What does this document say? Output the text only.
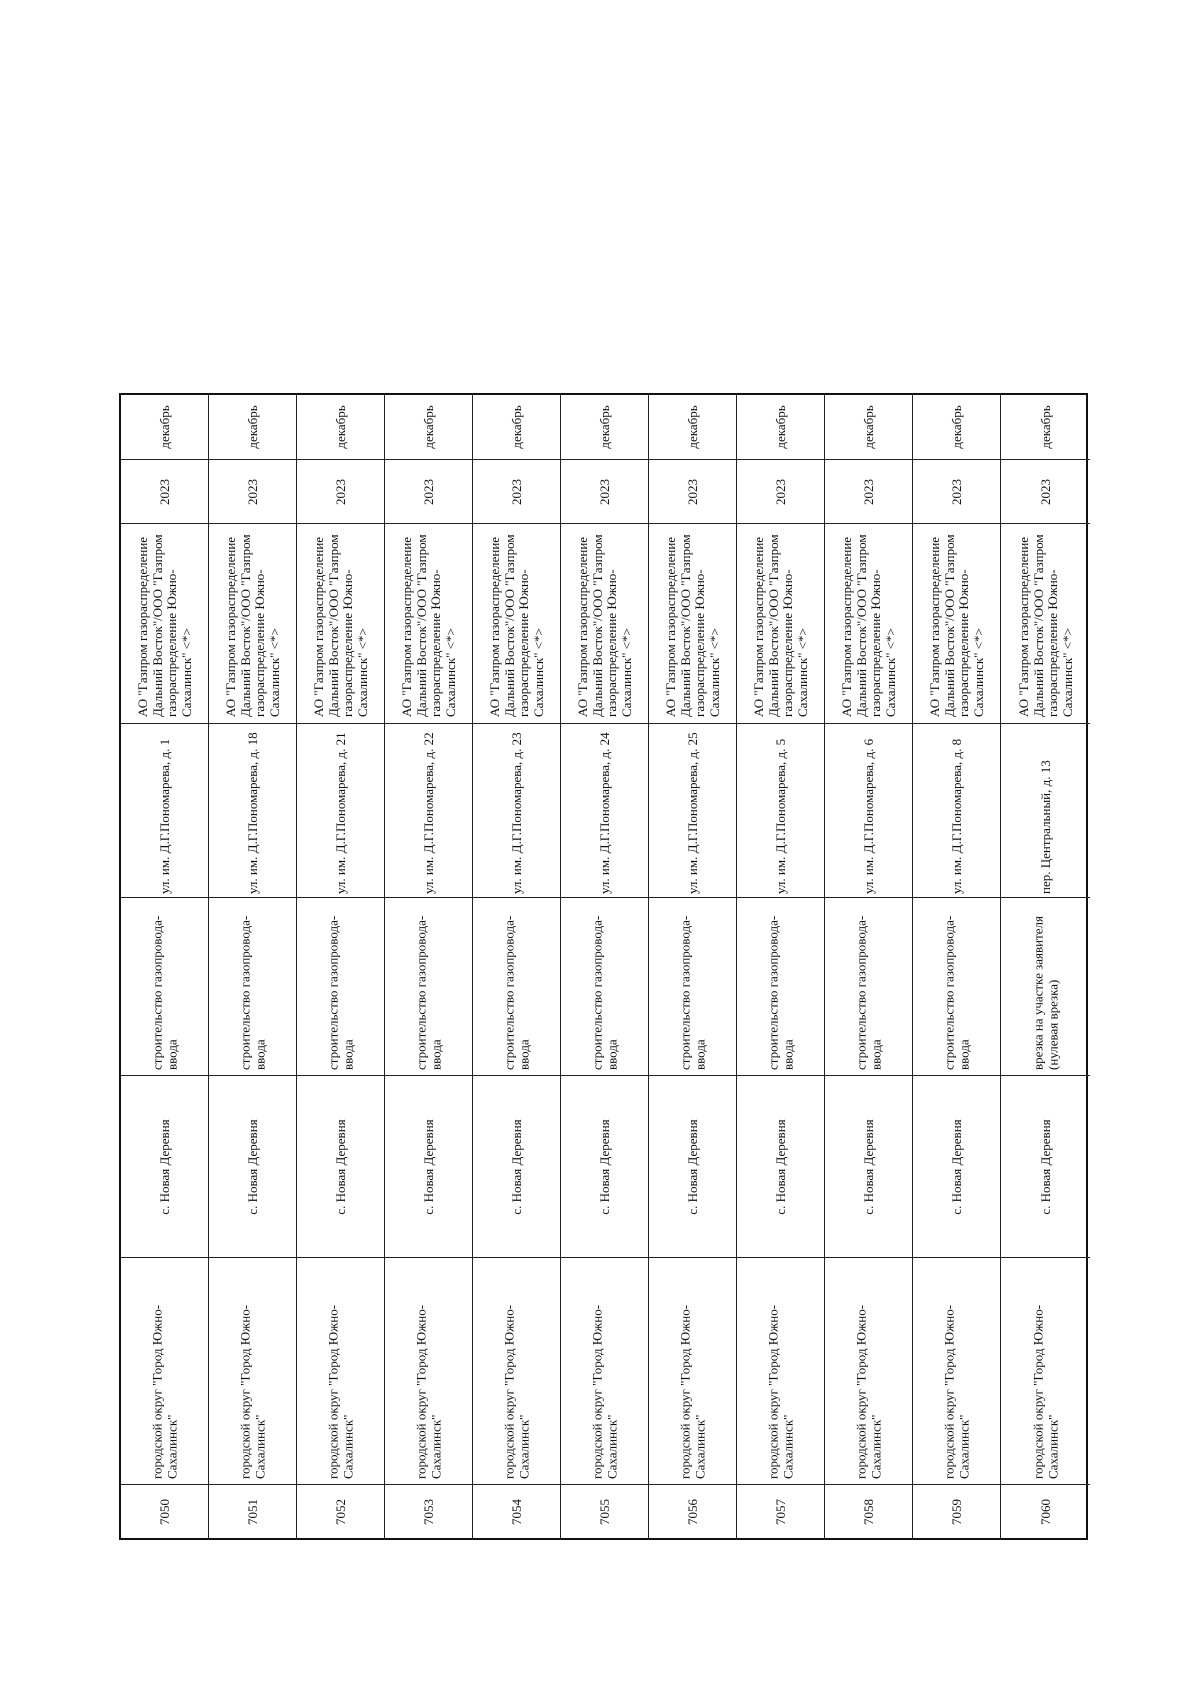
декабрь
2023
АО "Газпром газораспределение Дальний Восток"/ООО "Газпром газораспределение Южно-Сахалинск" <*>
ул. им. Д.Г.Пономарева, д. 1
строительство газопровода-ввода
с. Новая Деревня
городской округ "Город Южно-Сахалинск"
7050
декабрь
2023
АО "Газпром газораспределение Дальний Восток"/ООО "Газпром газораспределение Южно-Сахалинск" <*>
ул. им. Д.Г.Пономарева, д. 18
строительство газопровода-ввода
с. Новая Деревня
городской округ "Город Южно-Сахалинск"
7051
декабрь
2023
АО "Газпром газораспределение Дальний Восток"/ООО "Газпром газораспределение Южно-Сахалинск" <*>
ул. им. Д.Г.Пономарева, д. 21
строительство газопровода-ввода
с. Новая Деревня
городской округ "Город Южно-Сахалинск"
7052
декабрь
2023
АО "Газпром газораспределение Дальний Восток"/ООО "Газпром газораспределение Южно-Сахалинск" <*>
ул. им. Д.Г.Пономарева, д. 22
строительство газопровода-ввода
с. Новая Деревня
городской округ "Город Южно-Сахалинск"
7053
декабрь
2023
АО "Газпром газораспределение Дальний Восток"/ООО "Газпром газораспределение Южно-Сахалинск" <*>
ул. им. Д.Г.Пономарева, д. 23
строительство газопровода-ввода
с. Новая Деревня
городской округ "Город Южно-Сахалинск"
7054
декабрь
2023
АО "Газпром газораспределение Дальний Восток"/ООО "Газпром газораспределение Южно-Сахалинск" <*>
ул. им. Д.Г.Пономарева, д. 24
строительство газопровода-ввода
с. Новая Деревня
городской округ "Город Южно-Сахалинск"
7055
декабрь
2023
АО "Газпром газораспределение Дальний Восток"/ООО "Газпром газораспределение Южно-Сахалинск" <*>
ул. им. Д.Г.Пономарева, д. 25
строительство газопровода-ввода
с. Новая Деревня
городской округ "Город Южно-Сахалинск"
7056
декабрь
2023
АО "Газпром газораспределение Дальний Восток"/ООО "Газпром газораспределение Южно-Сахалинск" <*>
ул. им. Д.Г.Пономарева, д. 5
строительство газопровода-ввода
с. Новая Деревня
городской округ "Город Южно-Сахалинск"
7057
декабрь
2023
АО "Газпром газораспределение Дальний Восток"/ООО "Газпром газораспределение Южно-Сахалинск" <*>
ул. им. Д.Г.Пономарева, д. 6
строительство газопровода-ввода
с. Новая Деревня
городской округ "Город Южно-Сахалинск"
7058
декабрь
2023
АО "Газпром газораспределение Дальний Восток"/ООО "Газпром газораспределение Южно-Сахалинск" <*>
ул. им. Д.Г.Пономарева, д. 8
строительство газопровода-ввода
с. Новая Деревня
городской округ "Город Южно-Сахалинск"
7059
декабрь
2023
АО "Газпром газораспределение Дальний Восток"/ООО "Газпром газораспределение Южно-Сахалинск" <*>
пер. Центральный, д. 13
врезка на участке заявителя (нулевая врезка)
с. Новая Деревня
городской округ "Город Южно-Сахалинск"
7060
